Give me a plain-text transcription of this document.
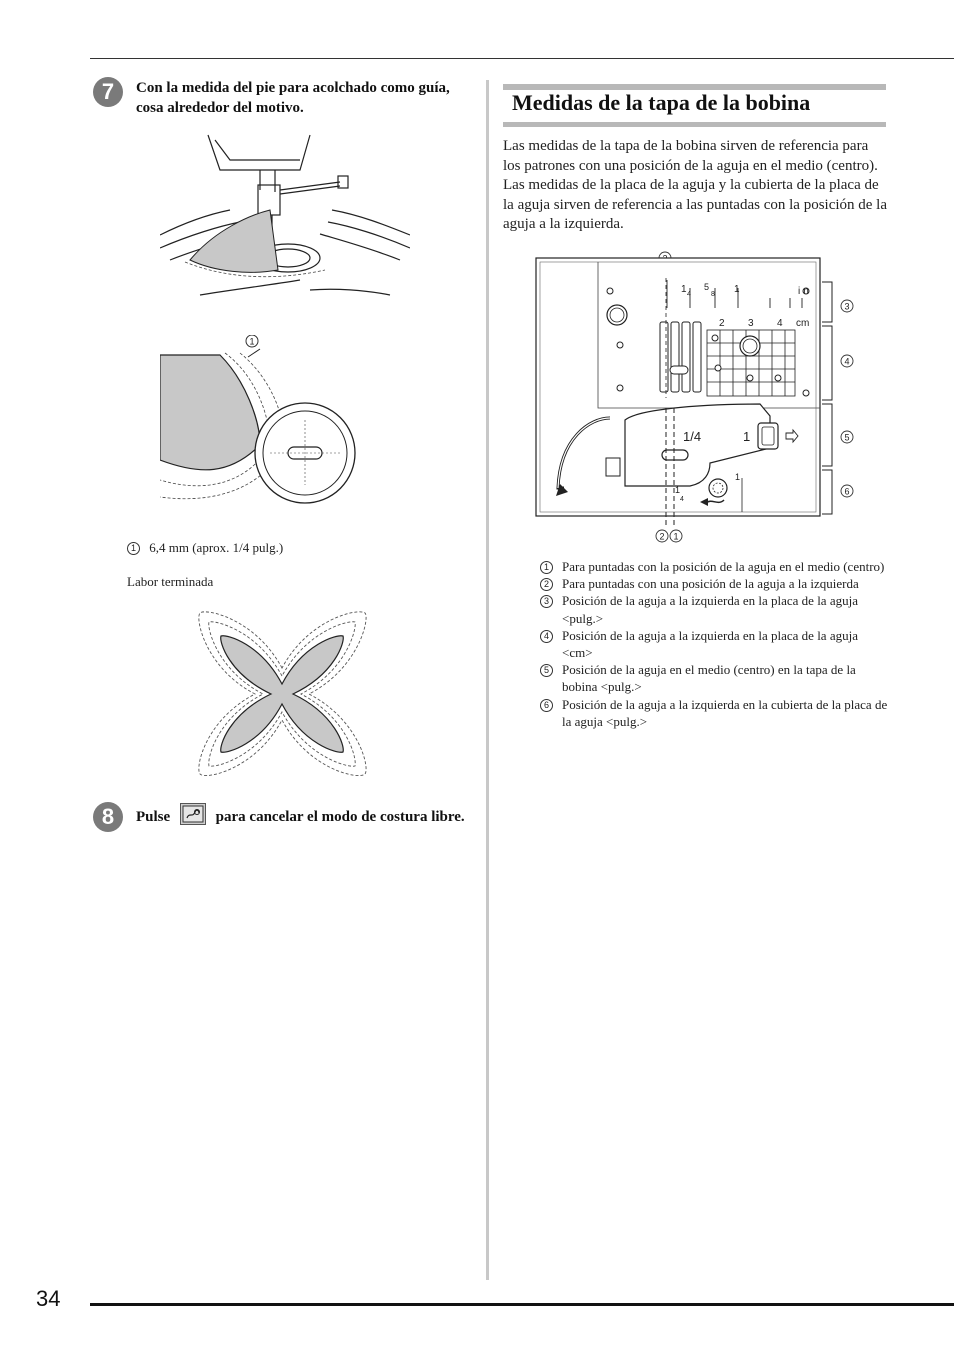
34
7	Con la medida del pie para acolchado como guía, cosa alrededor del motivo.
1
1 6,4 mm (aprox. 1/4 pulg.)
Labor terminada
8	Pulse	para cancelar el modo de costura libre.
Medidas de la tapa de la bobina
Las medidas de la tapa de la bobina sirven de referencia para los patrones con una posición de la aguja en el medio (centro). Las medidas de la placa de la aguja y la cubierta de la placa de la aguja sirven de referencia a las puntadas con la posición de la aguja a la izquierda.
1 4
5
8 1	in
2 3 4 cm
1/4	1
1
1
4
2 1
3
4
5
6
1	Para puntadas con la posición de la aguja en el medio (centro)
2	Para puntadas con una posición de la aguja a la izquierda
3	Posición de la aguja a la izquierda en la placa de la aguja <pulg.>
4	Posición de la aguja a la izquierda en la placa de la aguja <cm>
5	Posición de la aguja en el medio (centro) en la tapa de la bobina <pulg.>
6	Posición de la aguja a la izquierda en la cubierta de la placa de la aguja <pulg.>
